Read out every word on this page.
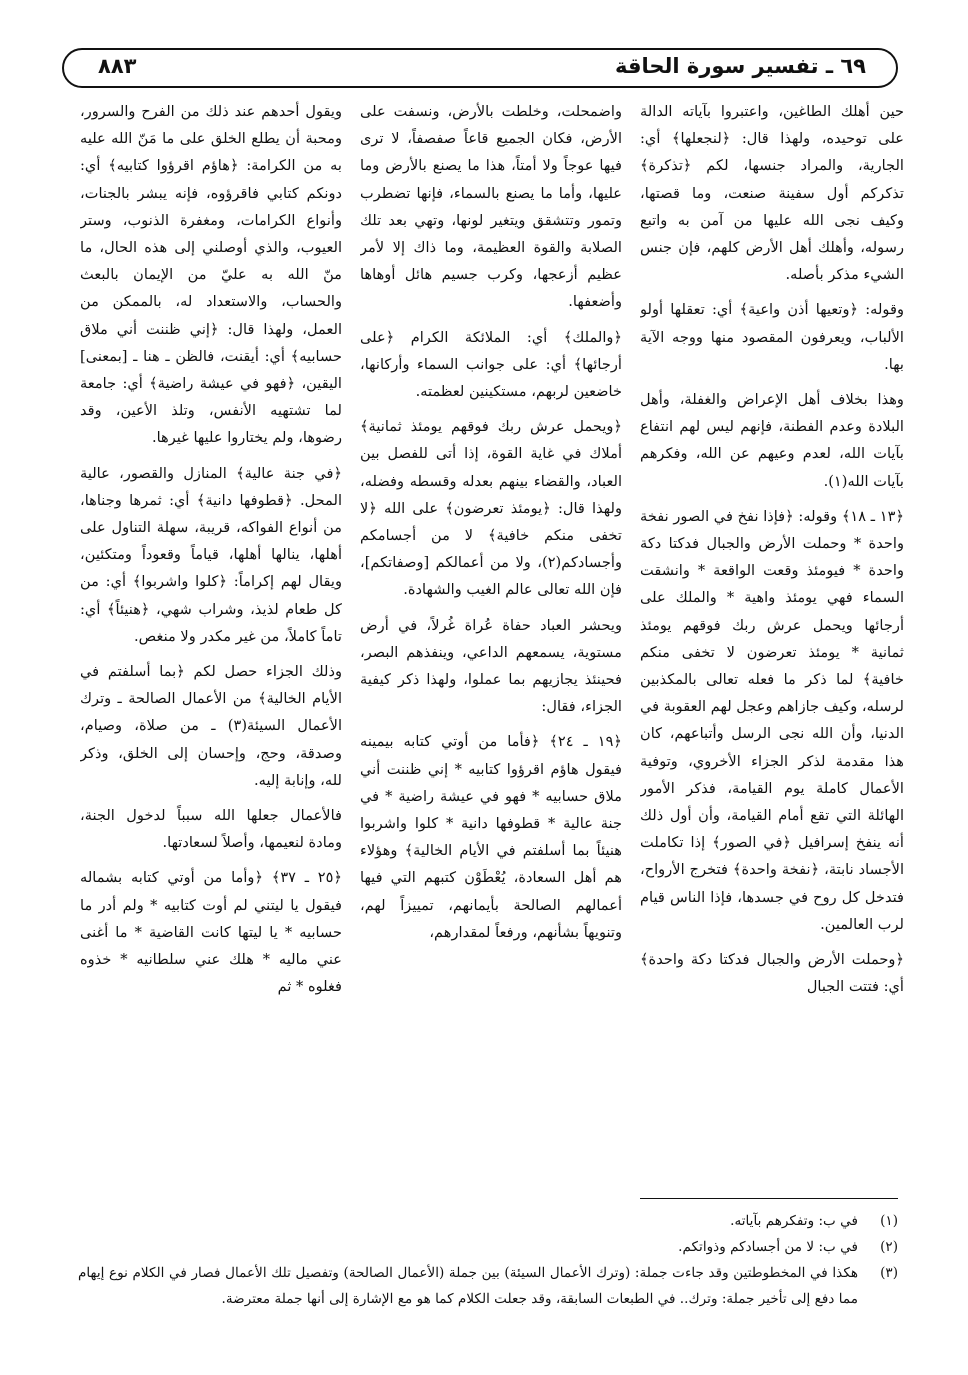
٦٩ ـ تفسير سورة الحاقة
٨٨٣

حين أهلك الطاغين، واعتبروا بآياته الدالة على توحيده، ولهذا قال: ﴿لنجعلها﴾ أي: الجارية، والمراد جنسها، لكم ﴿تذكرة﴾ تذكركم أول سفينة صنعت، وما قصتها، وكيف نجى الله عليها من آمن به واتبع رسوله، وأهلك أهل الأرض كلهم، فإن جنس الشيء مذكر بأصله.

وقوله: ﴿وتعيها أذن واعية﴾ أي: تعقلها أولو الألباب، ويعرفون المقصود منها ووجه الآية بها.

وهذا بخلاف أهل الإعراض والغفلة، وأهل البلادة وعدم الفطنة، فإنهم ليس لهم انتفاع بآيات الله، لعدم وعيهم عن الله، وفكرهم بآيات الله(١).

﴿١٣ ـ ١٨﴾ وقوله: ﴿فإذا نفخ في الصور نفخة واحدة * وحملت الأرض والجبال فدكتا دكة واحدة * فيومئذ وقعت الواقعة * وانشقت السماء فهي يومئذ واهية * والملك على أرجائها ويحمل عرش ربك فوقهم يومئذ ثمانية * يومئذ تعرضون لا تخفى منكم خافية﴾ لما ذكر ما فعله تعالى بالمكذبين لرسله، وكيف جازاهم وعجل لهم العقوبة في الدنيا، وأن الله نجى الرسل وأتباعهم، كان هذا مقدمة لذكر الجزاء الأخروي، وتوفية الأعمال كاملة يوم القيامة، فذكر الأمور الهائلة التي تقع أمام القيامة، وأن أول ذلك أنه ينفخ إسرافيل ﴿في الصور﴾ إذا تكاملت الأجساد نابتة، ﴿نفخة واحدة﴾ فتخرج الأرواح، فتدخل كل روح في جسدها، فإذا الناس قيام لرب العالمين.

﴿وحملت الأرض والجبال فدكتا دكة واحدة﴾ أي: فتتت الجبال

واضمحلت، وخلطت بالأرض، ونسفت على الأرض، فكان الجميع قاعاً صفصفاً، لا ترى فيها عوجاً ولا أمتاً، هذا ما يصنع بالأرض وما عليها، وأما ما يصنع بالسماء، فإنها تضطرب وتمور وتتشقق ويتغير لونها، وتهي بعد تلك الصلابة والقوة العظيمة، وما ذاك إلا لأمر عظيم أزعجها، وكرب جسيم هائل أوهاها وأضعفها.

﴿والملك﴾ أي: الملائكة الكرام ﴿على أرجائها﴾ أي: على جوانب السماء وأركانها، خاضعين لربهم، مستكينين لعظمته.

﴿ويحمل عرش ربك فوقهم يومئذ ثمانية﴾ أملاك في غاية القوة، إذا أتى للفصل بين العباد، والقضاء بينهم بعدله وقسطه وفضله، ولهذا قال: ﴿يومئذ تعرضون﴾ على الله ﴿لا تخفى منكم خافية﴾ لا من أجسامكم وأجسادكم(٢)، ولا من أعمالكم [وصفاتكم]، فإن الله تعالى عالم الغيب والشهادة.

ويحشر العباد حفاة عُراة غُرلاً، في أرض مستوية، يسمعهم الداعي، وينفذهم البصر، فحينئذ يجازيهم بما عملوا، ولهذا ذكر كيفية الجزاء، فقال:

﴿١٩ ـ ٢٤﴾ ﴿فأما من أوتي كتابه بيمينه فيقول هاؤم اقرؤوا كتابيه * إني ظننت أني ملاق حسابيه * فهو في عيشة راضية * في جنة عالية * قطوفها دانية * كلوا واشربوا هنيئاً بما أسلفتم في الأيام الخالية﴾ وهؤلاء هم أهل السعادة، يُعْطَوْن كتبهم التي فيها أعمالهم الصالحة بأيمانهم، تمييزاً لهم، وتنويهاً بشأنهم، ورفعاً لمقدارهم،

ويقول أحدهم عند ذلك من الفرح والسرور، ومحبة أن يطلع الخلق على ما مَنّ الله عليه به من الكرامة: ﴿هاؤم اقرؤوا كتابيه﴾ أي: دونكم كتابي فاقرؤوه، فإنه يبشر بالجنات، وأنواع الكرامات، ومغفرة الذنوب، وستر العيوب، والذي أوصلني إلى هذه الحال، ما منّ الله به عليّ من الإيمان بالبعث والحساب، والاستعداد له، بالممكن من العمل، ولهذا قال: ﴿إني ظننت أني ملاق حسابيه﴾ أي: أيقنت، فالظن ـ هنا ـ [بمعنى] اليقين، ﴿فهو في عيشة راضية﴾ أي: جامعة لما تشتهيه الأنفس، وتلذ الأعين، وقد رضوها، ولم يختاروا عليها غيرها.

﴿في جنة عالية﴾ المنازل والقصور، عالية المحل. ﴿قطوفها دانية﴾ أي: ثمرها وجناها، من أنواع الفواكه، قريبة، سهلة التناول على أهلها، ينالها أهلها، قياماً وقعوداً ومتكئين، ويقال لهم إكراماً: ﴿كلوا واشربوا﴾ أي: من كل طعام لذيذ، وشراب شهي، ﴿هنيئاً﴾ أي: تاماً كاملاً، من غير مكدر ولا منغص.

وذلك الجزاء حصل لكم ﴿بما أسلفتم في الأيام الخالية﴾ من الأعمال الصالحة ـ وترك الأعمال السيئة(٣) ـ من صلاة، وصيام، وصدقة، وحج، وإحسان إلى الخلق، وذكر لله، وإنابة إليه.

فالأعمال جعلها الله سبباً لدخول الجنة، ومادة لنعيمها، وأصلاً لسعادتها.

﴿٢٥ ـ ٣٧﴾ ﴿وأما من أوتي كتابه بشماله فيقول يا ليتني لم أوت كتابيه * ولم أدر ما حسابيه * يا ليتها كانت القاضية * ما أغنى عني ماليه * هلك عني سلطانيه * خذوه فغلوه * ثم

(١)
في ب: وتفكرهم بآياته.
(٢)
في ب: لا من أجسادكم وذواتكم.
(٣)
هكذا في المخطوطتين وقد جاءت جملة: (وترك الأعمال السيئة) بين جملة (الأعمال الصالحة) وتفصيل تلك الأعمال فصار في الكلام نوع إيهام مما دفع إلى تأخير جملة: وترك.. في الطبعات السابقة، وقد جعلت الكلام كما هو مع الإشارة إلى أنها جملة معترضة.
